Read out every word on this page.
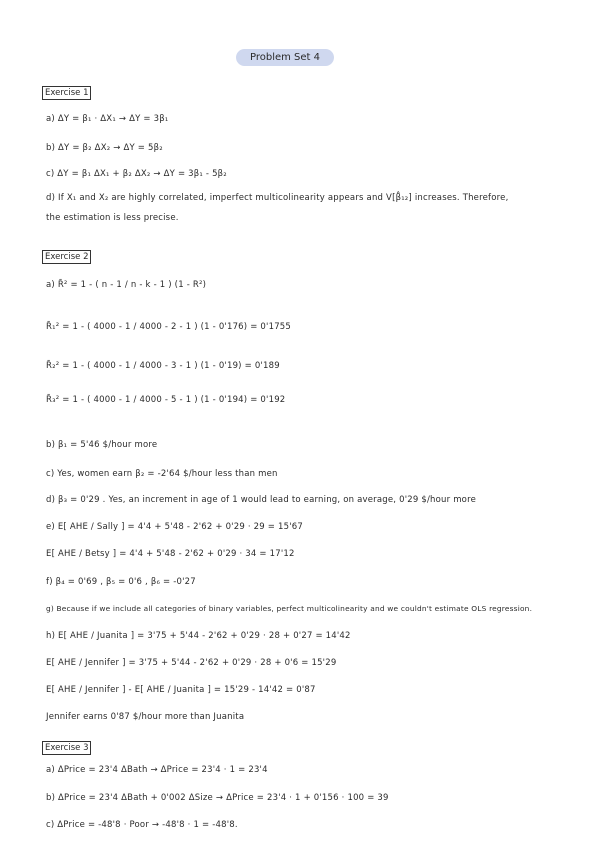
Problem Set 4
Exercise 1
a) ΔY = β₁ · ΔX₁ → ΔY = 3β₁
b) ΔY = β₂ ΔX₂ → ΔY = 5β₂
c) ΔY = β₁ ΔX₁ + β₂ ΔX₂ → ΔY = 3β₁ - 5β₂
d) If X₁ and X₂ are highly correlated, imperfect multicolinearity appears and V[β̂₁₂] increases. Therefore,
the estimation is less precise.
Exercise 2
a) R̄² = 1 - ( n - 1 / n - k - 1 ) (1 - R²)
R̄₁² = 1 - ( 4000 - 1 / 4000 - 2 - 1 ) (1 - 0'176) = 0'1755
R̄₂² = 1 - ( 4000 - 1 / 4000 - 3 - 1 ) (1 - 0'19) = 0'189
R̄₃² = 1 - ( 4000 - 1 / 4000 - 5 - 1 ) (1 - 0'194) = 0'192
b) β₁ = 5'46 $/hour more
c) Yes, women earn β₂ = -2'64 $/hour less than men
d) β₃ = 0'29 . Yes, an increment in age of 1 would lead to earning, on average, 0'29 $/hour more
e) E[ AHE / Sally ] = 4'4 + 5'48 - 2'62 + 0'29 · 29 = 15'67
E[ AHE / Betsy ] = 4'4 + 5'48 - 2'62 + 0'29 · 34 = 17'12
f) β₄ = 0'69 , β₅ = 0'6 , β₆ = -0'27
g) Because if we include all categories of binary variables, perfect multicolinearity and we couldn't estimate OLS regression.
h) E[ AHE / Juanita ] = 3'75 + 5'44 - 2'62 + 0'29 · 28 + 0'27 = 14'42
E[ AHE / Jennifer ] = 3'75 + 5'44 - 2'62 + 0'29 · 28 + 0'6 = 15'29
E[ AHE / Jennifer ] - E[ AHE / Juanita ] = 15'29 - 14'42 = 0'87
Jennifer earns 0'87 $/hour more than Juanita
Exercise 3
a) ΔPrice = 23'4 ΔBath → ΔPrice = 23'4 · 1 = 23'4
b) ΔPrice = 23'4 ΔBath + 0'002 ΔSize → ΔPrice = 23'4 · 1 + 0'156 · 100 = 39
c) ΔPrice = -48'8 · Poor → -48'8 · 1 = -48'8.
